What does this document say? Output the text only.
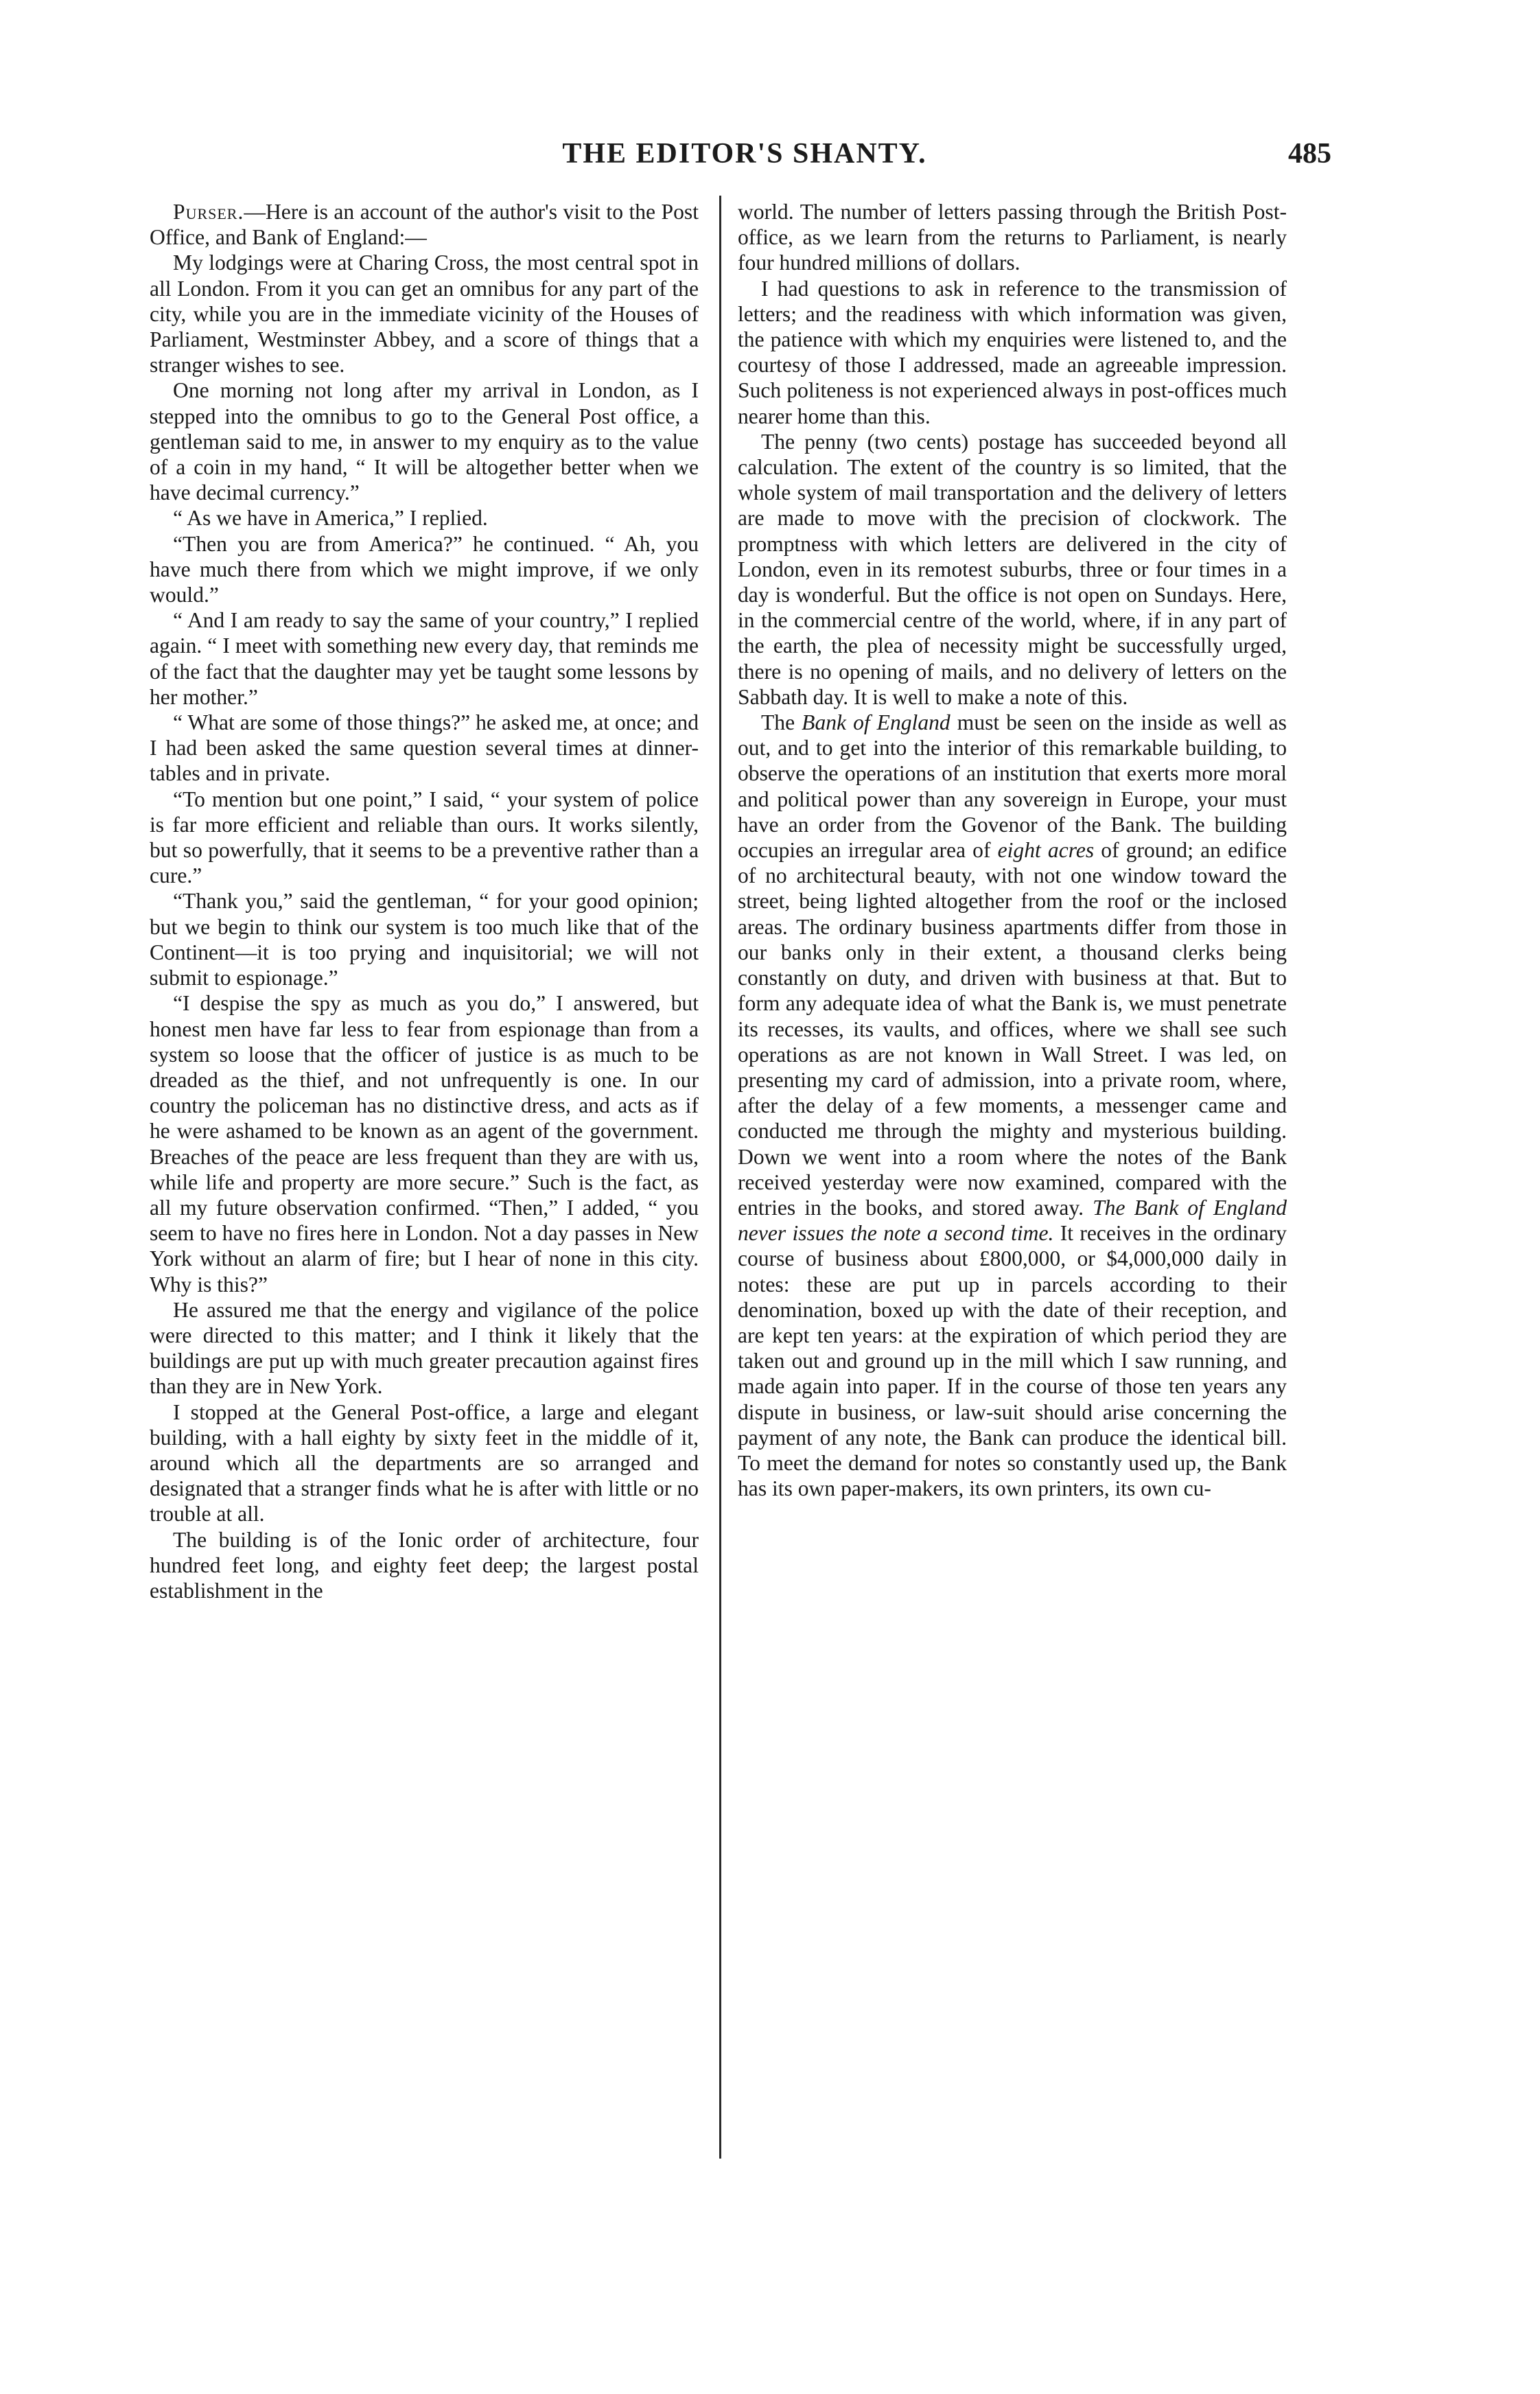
THE EDITOR'S SHANTY.	485

Purser.—Here is an account of the author's visit to the Post Office, and Bank of England:—

My lodgings were at Charing Cross, the most central spot in all London. From it you can get an omnibus for any part of the city, while you are in the immediate vicinity of the Houses of Parliament, Westminster Abbey, and a score of things that a stranger wishes to see.

One morning not long after my arrival in London, as I stepped into the omnibus to go to the General Post office, a gentleman said to me, in answer to my enquiry as to the value of a coin in my hand, “ It will be altogether better when we have decimal currency.”

“ As we have in America,” I replied.

“Then you are from America?” he continued. “ Ah, you have much there from which we might improve, if we only would.”

“ And I am ready to say the same of your country,” I replied again. “ I meet with something new every day, that reminds me of the fact that the daughter may yet be taught some lessons by her mother.”

“ What are some of those things?” he asked me, at once; and I had been asked the same question several times at dinner-tables and in private.

“To mention but one point,” I said, “ your system of police is far more efficient and reliable than ours. It works silently, but so powerfully, that it seems to be a preventive rather than a cure.”

“Thank you,” said the gentleman, “ for your good opinion; but we begin to think our system is too much like that of the Continent—it is too prying and inquisitorial; we will not submit to espionage.”

“I despise the spy as much as you do,” I answered, but honest men have far less to fear from espionage than from a system so loose that the officer of justice is as much to be dreaded as the thief, and not unfrequently is one. In our country the policeman has no distinctive dress, and acts as if he were ashamed to be known as an agent of the government. Breaches of the peace are less frequent than they are with us, while life and property are more secure.” Such is the fact, as all my future observation confirmed. “Then,” I added, “ you seem to have no fires here in London. Not a day passes in New York without an alarm of fire; but I hear of none in this city. Why is this?”

He assured me that the energy and vigilance of the police were directed to this matter; and I think it likely that the buildings are put up with much greater precaution against fires than they are in New York.

I stopped at the General Post-office, a large and elegant building, with a hall eighty by sixty feet in the middle of it, around which all the departments are so arranged and designated that a stranger finds what he is after with little or no trouble at all.

The building is of the Ionic order of architecture, four hundred feet long, and eighty feet deep; the largest postal establishment in the

world. The number of letters passing through the British Post-office, as we learn from the returns to Parliament, is nearly four hundred millions of dollars.

I had questions to ask in reference to the transmission of letters; and the readiness with which information was given, the patience with which my enquiries were listened to, and the courtesy of those I addressed, made an agreeable impression. Such politeness is not experienced always in post-offices much nearer home than this.

The penny (two cents) postage has succeeded beyond all calculation. The extent of the country is so limited, that the whole system of mail transportation and the delivery of letters are made to move with the precision of clockwork. The promptness with which letters are delivered in the city of London, even in its remotest suburbs, three or four times in a day is wonderful. But the office is not open on Sundays. Here, in the commercial centre of the world, where, if in any part of the earth, the plea of necessity might be successfully urged, there is no opening of mails, and no delivery of letters on the Sabbath day. It is well to make a note of this.

The Bank of England must be seen on the inside as well as out, and to get into the interior of this remarkable building, to observe the operations of an institution that exerts more moral and political power than any sovereign in Europe, your must have an order from the Govenor of the Bank. The building occupies an irregular area of eight acres of ground; an edifice of no architectural beauty, with not one window toward the street, being lighted altogether from the roof or the inclosed areas. The ordinary business apartments differ from those in our banks only in their extent, a thousand clerks being constantly on duty, and driven with business at that. But to form any adequate idea of what the Bank is, we must penetrate its recesses, its vaults, and offices, where we shall see such operations as are not known in Wall Street. I was led, on presenting my card of admission, into a private room, where, after the delay of a few moments, a messenger came and conducted me through the mighty and mysterious building. Down we went into a room where the notes of the Bank received yesterday were now examined, compared with the entries in the books, and stored away. The Bank of England never issues the note a second time. It receives in the ordinary course of business about £800,000, or $4,000,000 daily in notes: these are put up in parcels according to their denomination, boxed up with the date of their reception, and are kept ten years: at the expiration of which period they are taken out and ground up in the mill which I saw running, and made again into paper. If in the course of those ten years any dispute in business, or law-suit should arise concerning the payment of any note, the Bank can produce the identical bill. To meet the demand for notes so constantly used up, the Bank has its own paper-makers, its own printers, its own cu-
